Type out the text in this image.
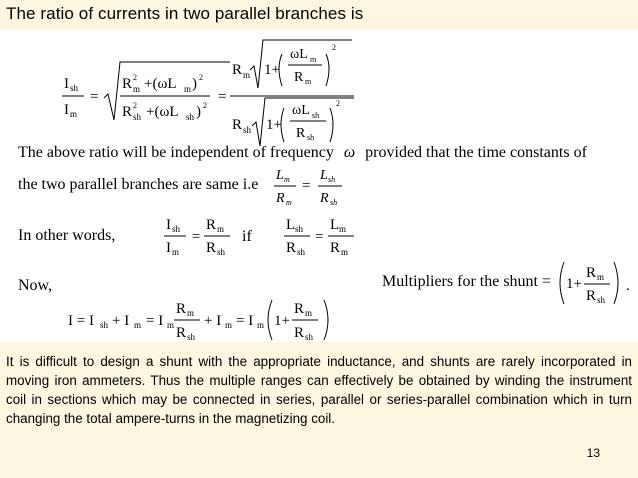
The ratio of currents in two parallel branches is
I sh
I m
=
R 2
m +(ωL m ) 2
R 2
sh +(ωL sh ) 2
=
R m 1+
ωL m
R m
2
R sh 1+
ωL sh
R sh
2
The above ratio will be independent of frequency ω provided that the time constants of
the two parallel branches are same i.e
L m
R m
=
L sh
R sh
In other words,
I sh
I m
=
R m
R sh
if
L sh
R sh
=
L m
R m
Now,	Multipliers for the shunt = 1+
R m
R sh
.
I = I sh + I m = I m
R m
R sh
+ I m = I m 1+
R m
R sh
It is difficult to design a shunt with the appropriate inductance, and shunts are rarely incorporated in moving iron ammeters. Thus the multiple ranges can effectively be obtained by winding the instrument coil in sections which may be connected in series, parallel or series-parallel combination which in turn changing the total ampere-turns in the magnetizing coil.
13
